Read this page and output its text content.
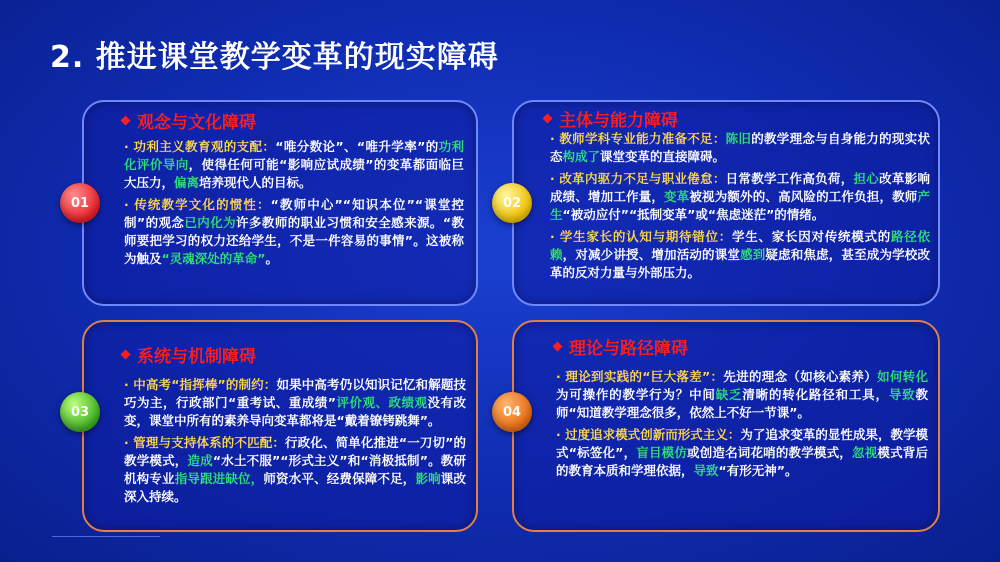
2. 推进课堂教学变革的现实障碍
观念与文化障碍

· 功利主义教育观的支配：“唯分数论”、“唯升学率”的功利化评价导向，使得任何可能“影响应试成绩”的变革都面临巨大压力，偏离培养现代人的目标。

· 传统教学文化的惯性：“教师中心”“知识本位”“课堂控制”的观念已内化为许多教师的职业习惯和安全感来源。“教师要把学习的权力还给学生，不是一件容易的事情”。这被称为触及“灵魂深处的革命”。

01
主体与能力障碍

· 教师学科专业能力准备不足：陈旧的教学理念与自身能力的现实状态构成了课堂变革的直接障碍。

· 改革内驱力不足与职业倦怠：日常教学工作高负荷，担心改革影响成绩、增加工作量，变革被视为额外的、高风险的工作负担，教师产生“被动应付”“抵制变革”或“焦虑迷茫”的情绪。

· 学生家长的认知与期待错位：学生、家长因对传统模式的路径依赖，对减少讲授、增加活动的课堂感到疑虑和焦虑，甚至成为学校改革的反对力量与外部压力。

02
系统与机制障碍

· 中高考“指挥棒”的制约：如果中高考仍以知识记忆和解题技巧为主，行政部门“重考试、重成绩”评价观、政绩观没有改变，课堂中所有的素养导向变革都将是“戴着镣铐跳舞”。

· 管理与支持体系的不匹配：行政化、简单化推进“一刀切”的教学模式，造成“水土不服”“形式主义”和“消极抵制”。教研机构专业指导跟进缺位，师资水平、经费保障不足，影响课改深入持续。

03
理论与路径障碍

· 理论到实践的“巨大落差”：先进的理念（如核心素养）如何转化为可操作的教学行为？中间缺乏清晰的转化路径和工具，导致教师“知道教学理念很多，依然上不好一节课”。

· 过度追求模式创新而形式主义：为了追求变革的显性成果，教学模式“标签化”，盲目模仿或创造名词花哨的教学模式，忽视模式背后的教育本质和学理依据，导致“有形无神”。

04
